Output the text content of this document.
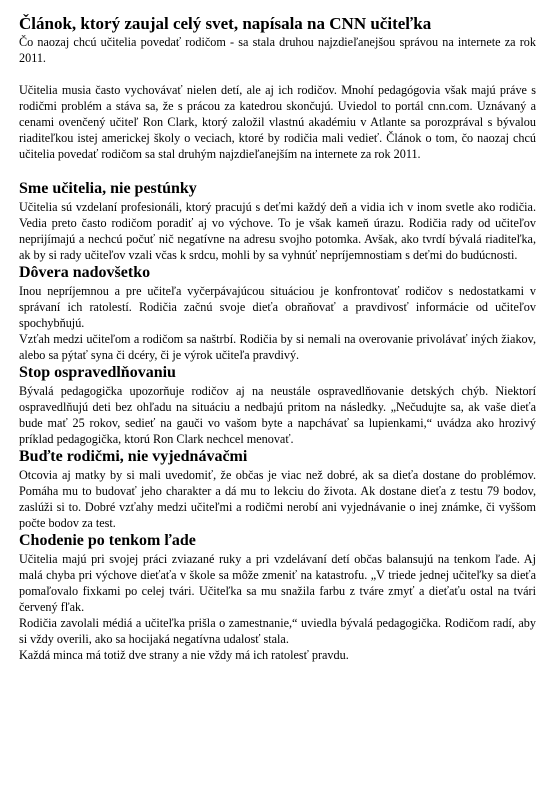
Článok, ktorý zaujal celý svet, napísala na CNN učiteľka

Čo naozaj chcú učitelia povedať rodičom - sa stala druhou najzdieľanejšou správou na internete za rok 2011.

Učitelia musia často vychovávať nielen detí, ale aj ich rodičov. Mnohí pedagógovia však majú práve s rodičmi problém a stáva sa, že s prácou za katedrou skončujú. Uviedol to portál cnn.com. Uznávaný a cenami ovenčený učiteľ Ron Clark, ktorý založil vlastnú akadémiu v Atlante sa porozprával s bývalou riaditeľkou istej americkej školy o veciach, ktoré by rodičia mali vedieť. Článok o tom, čo naozaj chcú učitelia povedať rodičom sa stal druhým najzdieľanejším na internete za rok 2011.

Sme učitelia, nie pestúnky

Učitelia sú vzdelaní profesionáli, ktorý pracujú s deťmi každý deň a vidia ich v inom svetle ako rodičia. Vedia preto často rodičom poradiť aj vo výchove. To je však kameň úrazu. Rodičia rady od učiteľov neprijímajú a nechcú počuť nič negatívne na adresu svojho potomka. Avšak, ako tvrdí bývalá riaditeľka, ak by si rady učiteľov vzali včas k srdcu, mohli by sa vyhnúť nepríjemnostiam s deťmi do budúcnosti.

Dôvera nadovšetko

Inou nepríjemnou a pre učiteľa vyčerpávajúcou situáciou je konfrontovať rodičov s nedostatkami v správaní ich ratolestí. Rodičia začnú svoje dieťa obraňovať a pravdivosť informácie od učiteľov spochybňujú.

Vzťah medzi učiteľom a rodičom sa naštrbí. Rodičia by si nemali na overovanie privolávať iných žiakov, alebo sa pýtať syna či dcéry, či je výrok učiteľa pravdivý.

Stop ospravedlňovaniu

Bývalá pedagogička upozorňuje rodičov aj na neustále ospravedlňovanie detských chýb. Niektorí ospravedlňujú deti bez ohľadu na situáciu a nedbajú pritom na následky. „Nečudujte sa, ak vaše dieťa bude mať 25 rokov, sedieť na gauči vo vašom byte a napchávať sa lupienkami,“ uvádza ako hrozivý príklad pedagogička, ktorú Ron Clark nechcel menovať.

Buďte rodičmi, nie vyjednávačmi

Otcovia aj matky by si mali uvedomiť, že občas je viac než dobré, ak sa dieťa dostane do problémov. Pomáha mu to budovať jeho charakter a dá mu to lekciu do života. Ak dostane dieťa z testu 79 bodov, zaslúži si to. Dobré vzťahy medzi učiteľmi a rodičmi nerobí ani vyjednávanie o inej známke, či vyššom počte bodov za test.

Chodenie po tenkom ľade

Učitelia majú pri svojej práci zviazané ruky a pri vzdelávaní detí občas balansujú na tenkom ľade. Aj malá chyba pri výchove dieťaťa v škole sa môže zmeniť na katastrofu. „V triede jednej učiteľky sa dieťa pomaľovalo fixkami po celej tvári. Učiteľka sa mu snažila farbu z tváre zmyť a dieťaťu ostal na tvári červený fľak.

Rodičia zavolali médiá a učiteľka prišla o zamestnanie,“ uviedla bývalá pedagogička. Rodičom radí, aby si vždy overili, ako sa hocijaká negatívna udalosť stala.

Každá minca má totiž dve strany a nie vždy má ich ratolesť pravdu.
